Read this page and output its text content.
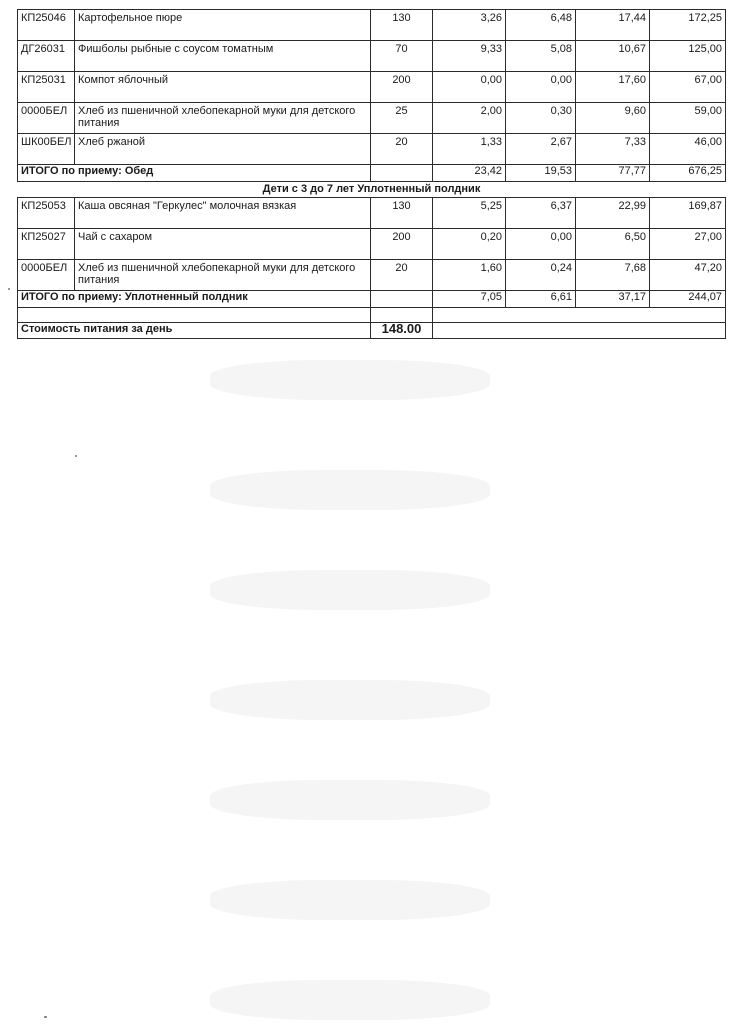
КП25046	Картофельное пюре	130	3,26	6,48	17,44	172,25
ДГ26031	Фишболы рыбные с соусом томатным	70	9,33	5,08	10,67	125,00
КП25031	Компот яблочный	200	0,00	0,00	17,60	67,00
0000БЕЛ	Хлеб из пшеничной хлебопекарной муки для детского питания	25	2,00	0,30	9,60	59,00
ШК00БЕЛ	Хлеб ржаной	20	1,33	2,67	7,33	46,00
ИТОГО по приему: Обед			23,42	19,53	77,77	676,25
Дети с 3 до 7 лет Уплотненный полдник						
КП25053	Каша овсяная "Геркулес" молочная вязкая	130	5,25	6,37	22,99	169,87
КП25027	Чай с сахаром	200	0,20	0,00	6,50	27,00
0000БЕЛ	Хлеб из пшеничной хлебопекарной муки для детского питания	20	1,60	0,24	7,68	47,20
ИТОГО по приему: Уплотненный полдник			7,05	6,61	37,17	244,07

Стоимость питания за день		148.00				
